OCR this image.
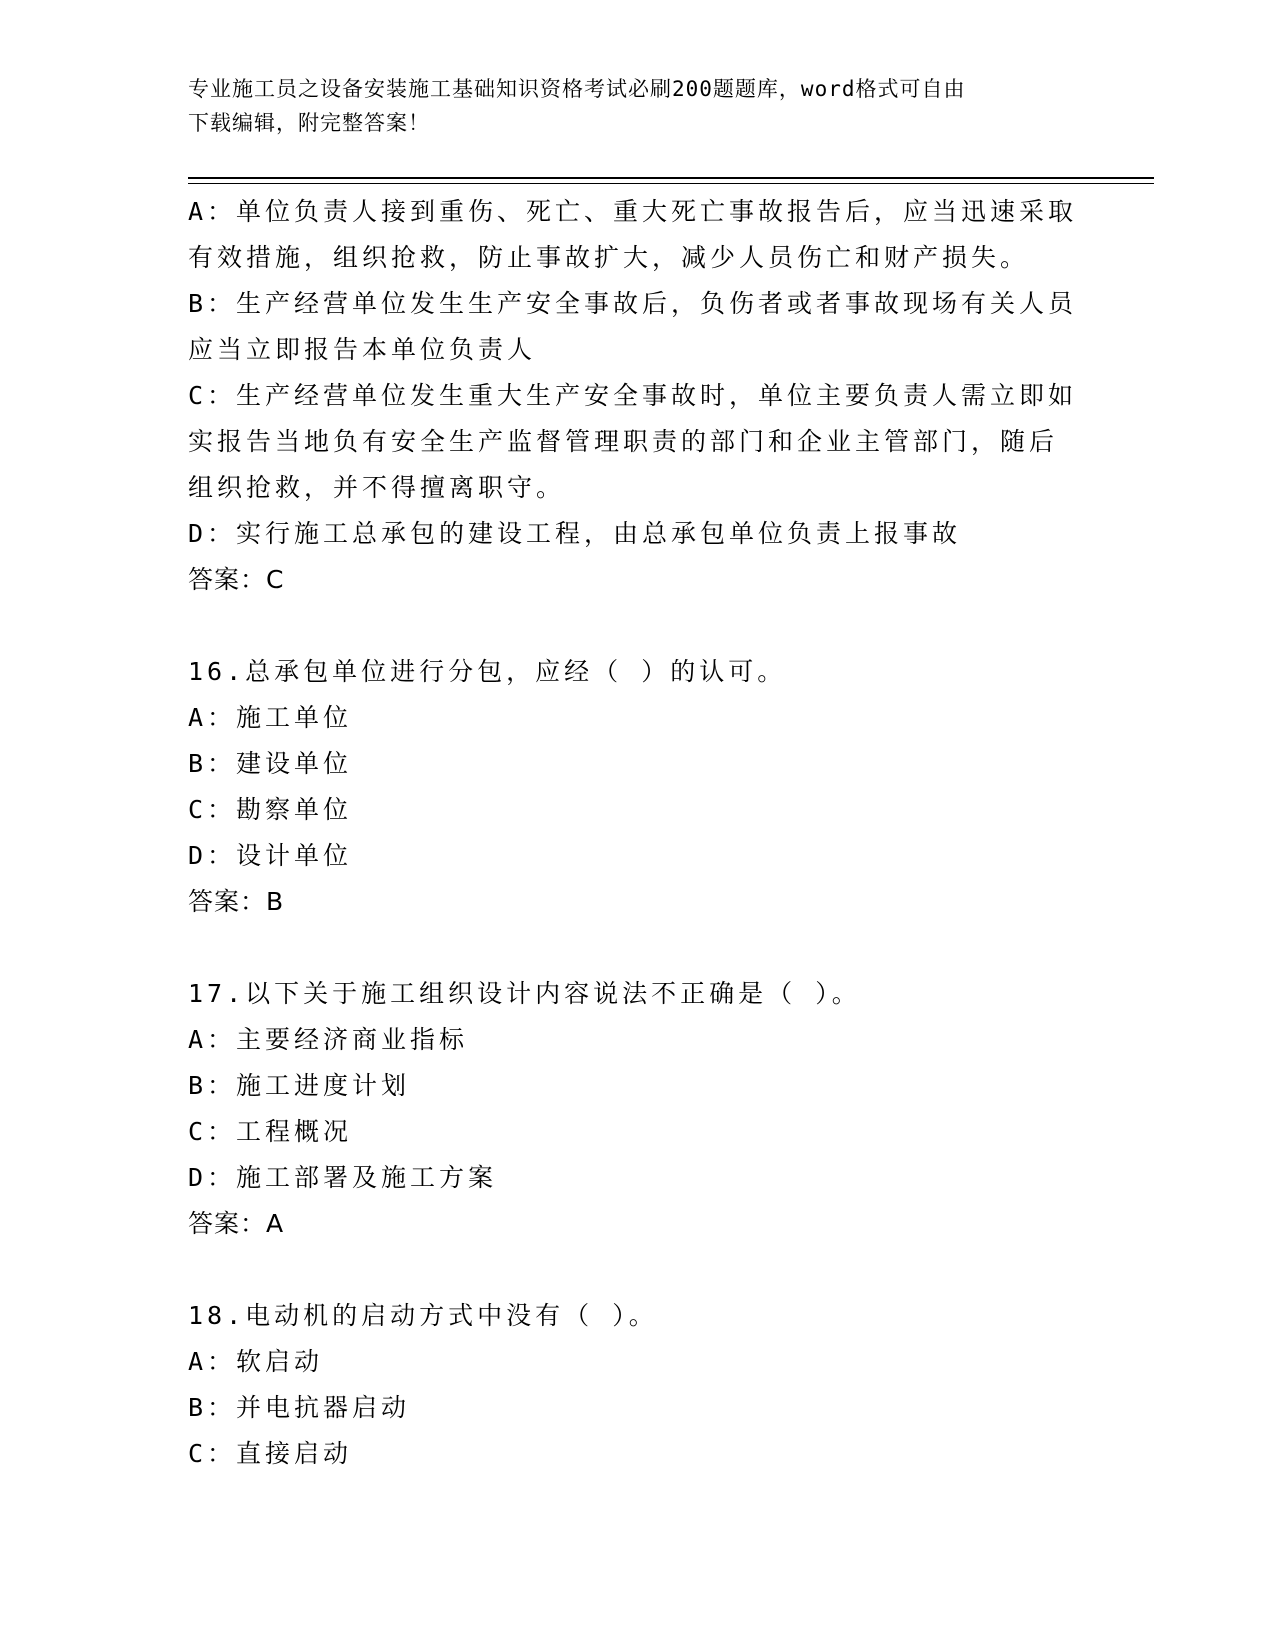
专业施工员之设备安装施工基础知识资格考试必刷200题题库，word格式可自由
下载编辑，附完整答案！
A：单位负责人接到重伤、死亡、重大死亡事故报告后，应当迅速采取
有效措施，组织抢救，防止事故扩大，减少人员伤亡和财产损失。
B：生产经营单位发生生产安全事故后，负伤者或者事故现场有关人员
应当立即报告本单位负责人
C：生产经营单位发生重大生产安全事故时，单位主要负责人需立即如
实报告当地负有安全生产监督管理职责的部门和企业主管部门，随后
组织抢救，并不得擅离职守。
D：实行施工总承包的建设工程，由总承包单位负责上报事故
答案：C
16.总承包单位进行分包，应经（ ）的认可。
A：施工单位
B：建设单位
C：勘察单位
D：设计单位
答案：B
17.以下关于施工组织设计内容说法不正确是（ ）。
A：主要经济商业指标
B：施工进度计划
C：工程概况
D：施工部署及施工方案
答案：A
18.电动机的启动方式中没有（ ）。
A：软启动
B：并电抗器启动
C：直接启动
